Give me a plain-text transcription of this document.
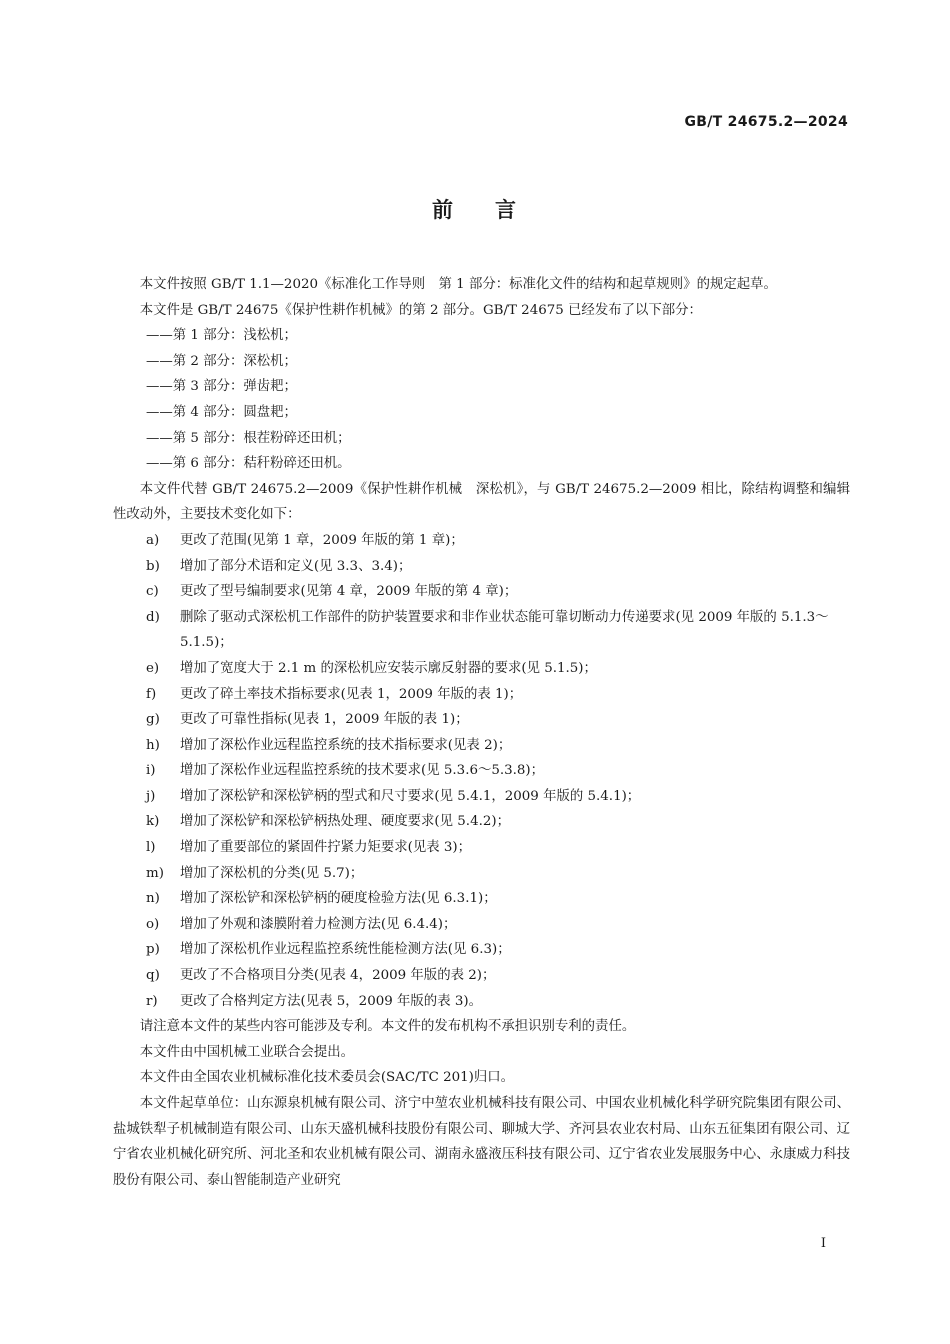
GB/T 24675.2—2024
前 言

本文件按照 GB/T 1.1—2020《标准化工作导则　第 1 部分：标准化文件的结构和起草规则》的规定起草。

本文件是 GB/T 24675《保护性耕作机械》的第 2 部分。GB/T 24675 已经发布了以下部分：

——第 1 部分：浅松机；

——第 2 部分：深松机；

——第 3 部分：弹齿耙；

——第 4 部分：圆盘耙；

——第 5 部分：根茬粉碎还田机；

——第 6 部分：秸秆粉碎还田机。

本文件代替 GB/T 24675.2—2009《保护性耕作机械　深松机》，与 GB/T 24675.2—2009 相比，除结构调整和编辑性改动外，主要技术变化如下：

a)	更改了范围(见第 1 章，2009 年版的第 1 章)；
b)	增加了部分术语和定义(见 3.3、3.4)；
c)	更改了型号编制要求(见第 4 章，2009 年版的第 4 章)；
d)	删除了驱动式深松机工作部件的防护装置要求和非作业状态能可靠切断动力传递要求(见 2009 年版的 5.1.3～5.1.5)；
e)	增加了宽度大于 2.1 m 的深松机应安装示廓反射器的要求(见 5.1.5)；
f)	更改了碎土率技术指标要求(见表 1，2009 年版的表 1)；
g)	更改了可靠性指标(见表 1，2009 年版的表 1)；
h)	增加了深松作业远程监控系统的技术指标要求(见表 2)；
i)	增加了深松作业远程监控系统的技术要求(见 5.3.6～5.3.8)；
j)	增加了深松铲和深松铲柄的型式和尺寸要求(见 5.4.1，2009 年版的 5.4.1)；
k)	增加了深松铲和深松铲柄热处理、硬度要求(见 5.4.2)；
l)	增加了重要部位的紧固件拧紧力矩要求(见表 3)；
m)	增加了深松机的分类(见 5.7)；
n)	增加了深松铲和深松铲柄的硬度检验方法(见 6.3.1)；
o)	增加了外观和漆膜附着力检测方法(见 6.4.4)；
p)	增加了深松机作业远程监控系统性能检测方法(见 6.3)；
q)	更改了不合格项目分类(见表 4，2009 年版的表 2)；
r)	更改了合格判定方法(见表 5，2009 年版的表 3)。

请注意本文件的某些内容可能涉及专利。本文件的发布机构不承担识别专利的责任。

本文件由中国机械工业联合会提出。

本文件由全国农业机械标准化技术委员会(SAC/TC 201)归口。

本文件起草单位：山东源泉机械有限公司、济宁中堃农业机械科技有限公司、中国农业机械化科学研究院集团有限公司、盐城铁犁子机械制造有限公司、山东天盛机械科技股份有限公司、聊城大学、齐河县农业农村局、山东五征集团有限公司、辽宁省农业机械化研究所、河北圣和农业机械有限公司、湖南永盛液压科技有限公司、辽宁省农业发展服务中心、永康威力科技股份有限公司、泰山智能制造产业研究

I
